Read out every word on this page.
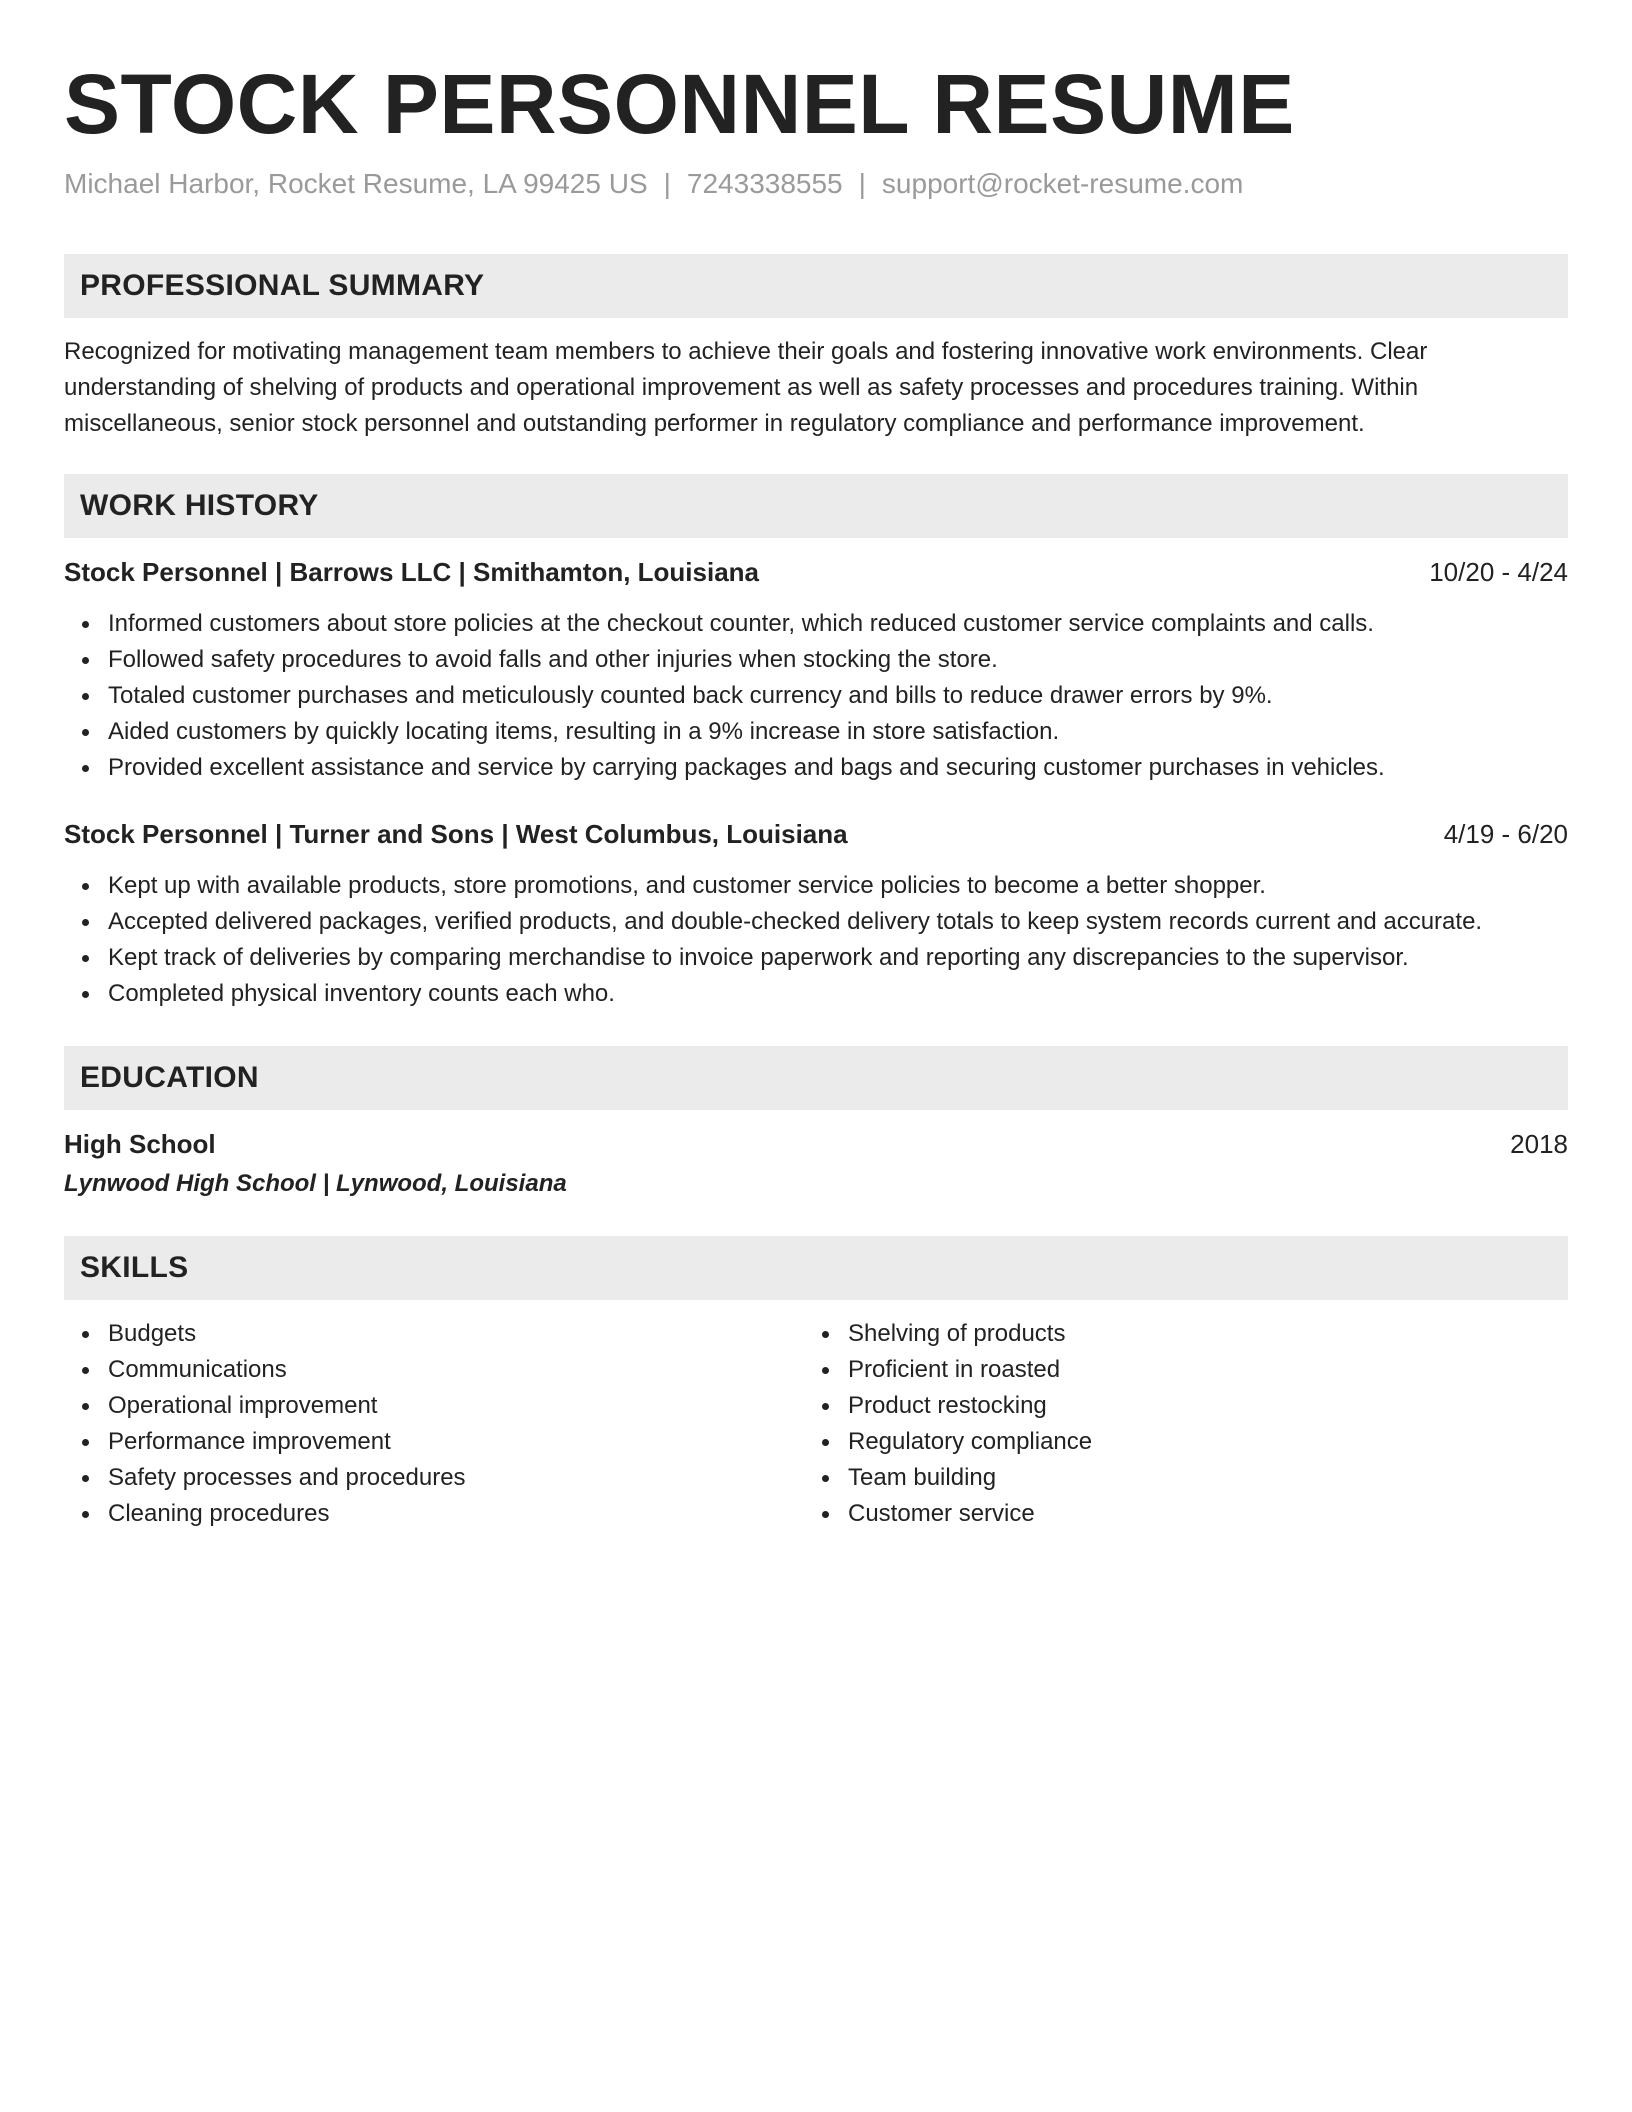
STOCK PERSONNEL RESUME
Michael Harbor, Rocket Resume, LA 99425 US | 7243338555 | support@rocket-resume.com
PROFESSIONAL SUMMARY

Recognized for motivating management team members to achieve their goals and fostering innovative work environments. Clear understanding of shelving of products and operational improvement as well as safety processes and procedures training. Within miscellaneous, senior stock personnel and outstanding performer in regulatory compliance and performance improvement.

WORK HISTORY
Stock Personnel | Barrows LLC | Smithamton, Louisiana	10/20 - 4/24
Informed customers about store policies at the checkout counter, which reduced customer service complaints and calls.
Followed safety procedures to avoid falls and other injuries when stocking the store.
Totaled customer purchases and meticulously counted back currency and bills to reduce drawer errors by 9%.
Aided customers by quickly locating items, resulting in a 9% increase in store satisfaction.
Provided excellent assistance and service by carrying packages and bags and securing customer purchases in vehicles.
Stock Personnel | Turner and Sons | West Columbus, Louisiana	4/19 - 6/20
Kept up with available products, store promotions, and customer service policies to become a better shopper.
Accepted delivered packages, verified products, and double-checked delivery totals to keep system records current and accurate.
Kept track of deliveries by comparing merchandise to invoice paperwork and reporting any discrepancies to the supervisor.
Completed physical inventory counts each who.
EDUCATION
High School	2018
Lynwood High School | Lynwood, Louisiana
SKILLS
Budgets
Communications
Operational improvement
Performance improvement
Safety processes and procedures
Cleaning procedures
Shelving of products
Proficient in roasted
Product restocking
Regulatory compliance
Team building
Customer service
